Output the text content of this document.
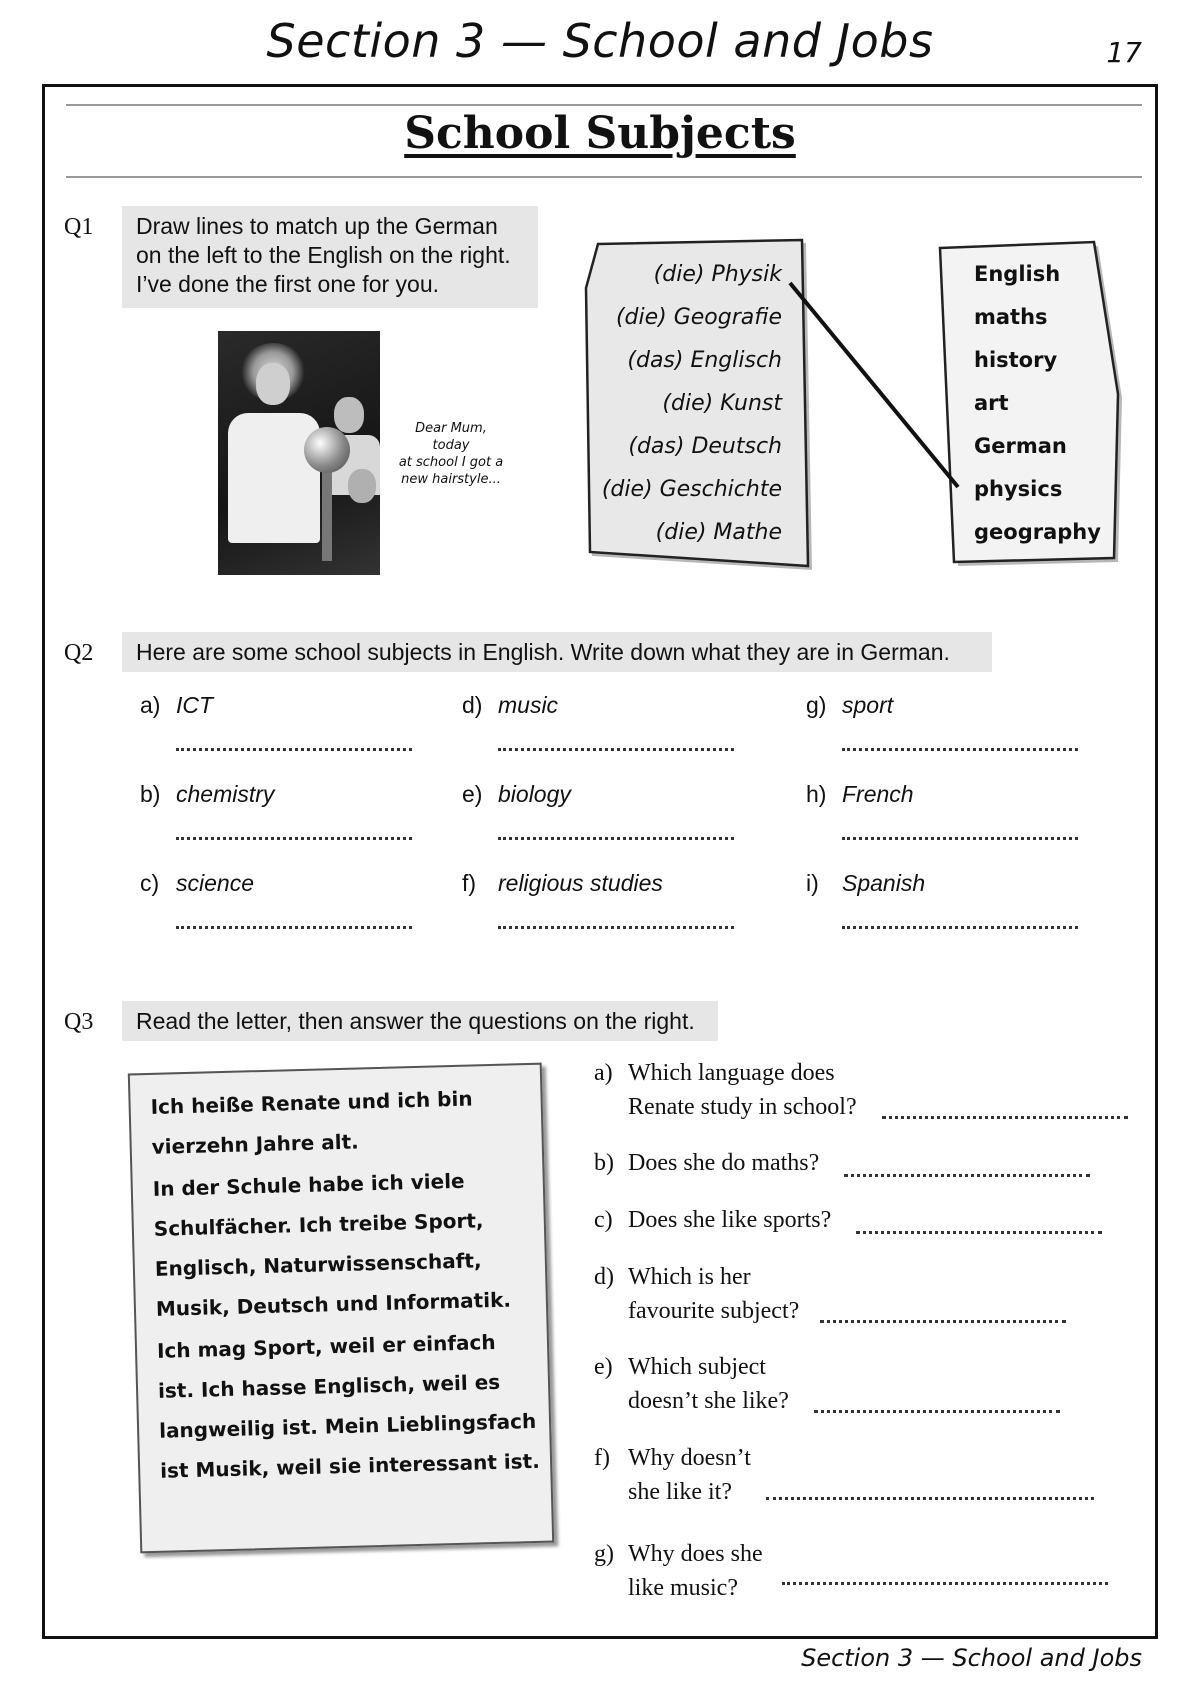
Section 3 — School and Jobs	17
School Subjects
Q1 Draw lines to match up the German
on the left to the English on the right.
I’ve done the first one for you.
Dear Mum, today
at school I got a
new hairstyle...
(die) Physik
(die) Geografie
(das) Englisch
(die) Kunst
(das) Deutsch
(die) Geschichte
(die) Mathe
English
maths
history
art
German
physics
geography
Q2	Here are some school subjects in English. Write down what they are in German.
a) ICT
b) chemistry
c) science
d) music
e) biology
f) religious studies
g) sport
h) French
i) Spanish
Q3	Read the letter, then answer the questions on the right.

Ich heiße Renate und ich bin vierzehn Jahre alt.

In der Schule habe ich viele Schulfächer. Ich treibe Sport, Englisch, Naturwissenschaft, Musik, Deutsch und Informatik.

Ich mag Sport, weil er einfach ist. Ich hasse Englisch, weil es langweilig ist. Mein Lieblingsfach ist Musik, weil sie interessant ist.

a) Which language does
Renate study in school?
b) Does she do maths?
c) Does she like sports?
d) Which is her
favourite subject?
e) Which subject
doesn’t she like?
f) Why doesn’t
she like it?
g) Why does she
like music?
Section 3 — School and Jobs
